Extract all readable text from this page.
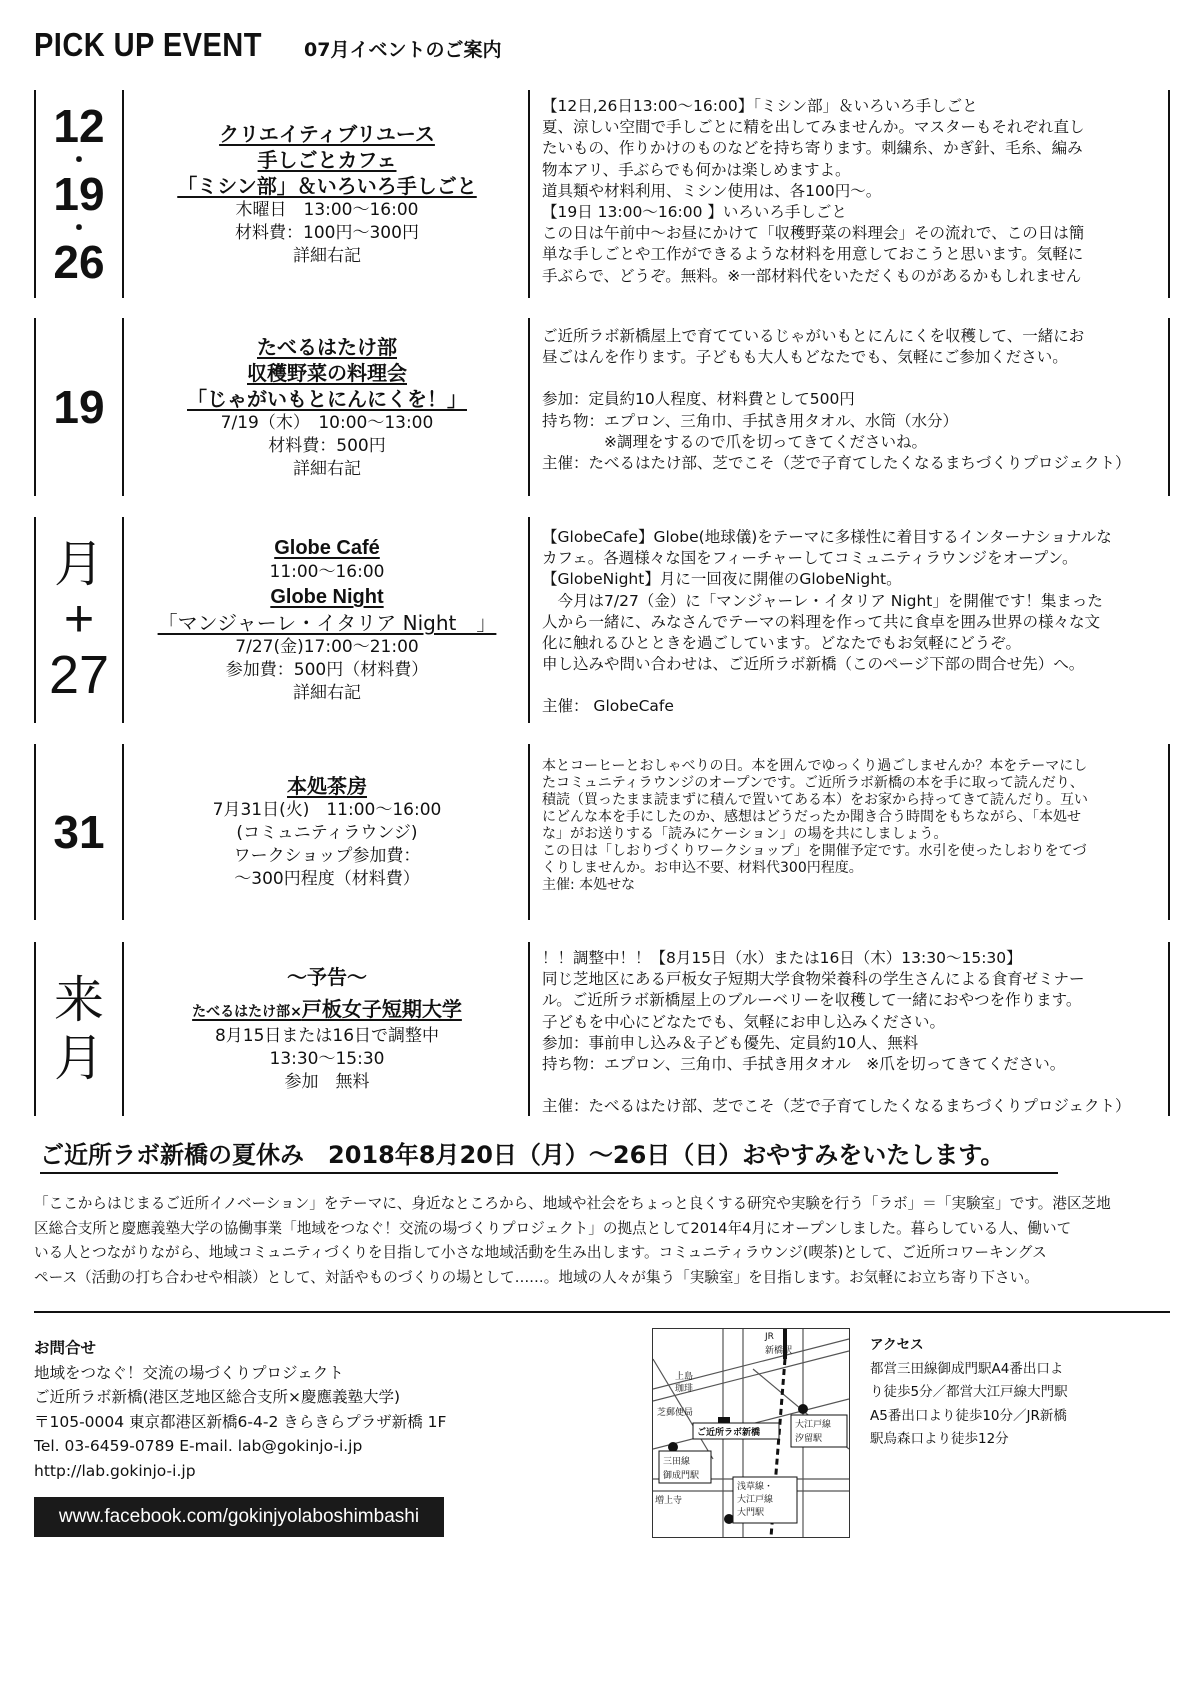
PICK UP EVENT 07月イベントのご案内
12
・
19
・
26
クリエイティブリユース
手しごとカフェ
「ミシン部」＆いろいろ手しごと
木曜日　13:00〜16:00
材料費：100円〜300円
詳細右記
【12日,26日13:00〜16:00】「ミシン部」＆いろいろ手しごと
夏、涼しい空間で手しごとに精を出してみませんか。マスターもそれぞれ直し
たいもの、作りかけのものなどを持ち寄ります。刺繍糸、かぎ針、毛糸、編み
物本アリ、手ぶらでも何かは楽しめますよ。
道具類や材料利用、ミシン使用は、各100円〜。
【19日 13:00〜16:00 】いろいろ手しごと
この日は午前中〜お昼にかけて「収穫野菜の料理会」その流れで、この日は簡
単な手しごとや工作ができるような材料を用意しておこうと思います。気軽に
手ぶらで、どうぞ。無料。※一部材料代をいただくものがあるかもしれません
19
たべるはたけ部
収穫野菜の料理会
「じゃがいもとにんにくを！」
7/19（木）　10:00〜13:00
材料費：500円
詳細右記
ご近所ラボ新橋屋上で育てているじゃがいもとにんにくを収穫して、一緒にお
昼ごはんを作ります。子どもも大人もどなたでも、気軽にご参加ください。
参加：定員約10人程度、材料費として500円
持ち物：エプロン、三角巾、手拭き用タオル、水筒（水分）
　　　　※調理をするので爪を切ってきてくださいね。
主催：たべるはたけ部、芝でこそ（芝で子育てしたくなるまちづくりプロジェクト）
月
+
27
Globe Café
11:00〜16:00
Globe Night
「マンジャーレ・イタリア Night　」
7/27(金)17:00〜21:00
参加費：500円（材料費）
詳細右記
【GlobeCafe】Globe(地球儀)をテーマに多様性に着目するインターナショナルな
カフェ。各週様々な国をフィーチャーしてコミュニティラウンジをオープン。
【GlobeNight】月に一回夜に開催のGlobeNight。
　今月は7/27（金）に「マンジャーレ・イタリア Night」を開催です！集まった
人から一緒に、みなさんでテーマの料理を作って共に食卓を囲み世界の様々な文
化に触れるひとときを過ごしています。どなたでもお気軽にどうぞ。
申し込みや問い合わせは、ご近所ラボ新橋（このページ下部の問合せ先）へ。
主催： GlobeCafe
31
本処茶房
7月31日(火)　11:00〜16:00
(コミュニティラウンジ)
ワークショップ参加費：
〜300円程度（材料費）
本とコーヒーとおしゃべりの日。本を囲んでゆっくり過ごしませんか？本をテーマにし
たコミュニティラウンジのオープンです。ご近所ラボ新橋の本を手に取って読んだり、
積読（買ったまま読まずに積んで置いてある本）をお家から持ってきて読んだり。互い
にどんな本を手にしたのか、感想はどうだったか聞き合う時間をもちながら、「本処せ
な」がお送りする「読みにケーション」の場を共にしましょう。
この日は「しおりづくりワークショップ」を開催予定です。水引を使ったしおりをてづ
くりしませんか。お申込不要、材料代300円程度。
主催: 本処せな
来
月
〜予告〜
たべるはたけ部×戸板女子短期大学
8月15日または16日で調整中
13:30〜15:30
参加　無料
！！調整中！！【8月15日（水）または16日（木）13:30〜15:30】
同じ芝地区にある戸板女子短期大学食物栄養科の学生さんによる食育ゼミナー
ル。ご近所ラボ新橋屋上のブルーベリーを収穫して一緒におやつを作ります。
子どもを中心にどなたでも、気軽にお申し込みください。
参加：事前申し込み＆子ども優先、定員約10人、無料
持ち物：エプロン、三角巾、手拭き用タオル　※爪を切ってきてください。
主催：たべるはたけ部、芝でこそ（芝で子育てしたくなるまちづくりプロジェクト）
ご近所ラボ新橋の夏休み　2018年8月20日（月）〜26日（日）おやすみをいたします。
「ここからはじまるご近所イノベーション」をテーマに、身近なところから、地域や社会をちょっと良くする研究や実験を行う「ラボ」＝「実験室」です。港区芝地
区総合支所と慶應義塾大学の協働事業「地域をつなぐ！交流の場づくりプロジェクト」の拠点として2014年4月にオープンしました。暮らしている人、働いて
いる人とつながりながら、地域コミュニティづくりを目指して小さな地域活動を生み出します。コミュニティラウンジ(喫茶)として、ご近所コワーキングス
ペース（活動の打ち合わせや相談）として、対話やものづくりの場として……。地域の人々が集う「実験室」を目指します。お気軽にお立ち寄り下さい。
お問合せ
地域をつなぐ！交流の場づくりプロジェクト
ご近所ラボ新橋(港区芝地区総合支所×慶應義塾大学)
〒105-0004 東京都港区新橋6-4-2 きらきらプラザ新橋 1F
Tel. 03-6459-0789 E-mail. lab@gokinjo-i.jp
http://lab.gokinjo-i.jp
www.facebook.com/gokinjyolaboshimbashi
JR
新橋駅
上島
珈琲
芝郵便局
ご近所ラボ新橋
大江戸線
汐留駅
三田線
御成門駅
浅草線・
大江戸線
大門駅
増上寺
アクセス
都営三田線御成門駅A4番出口よ
り徒歩5分／都営大江戸線大門駅
A5番出口より徒歩10分／JR新橋
駅烏森口より徒歩12分
